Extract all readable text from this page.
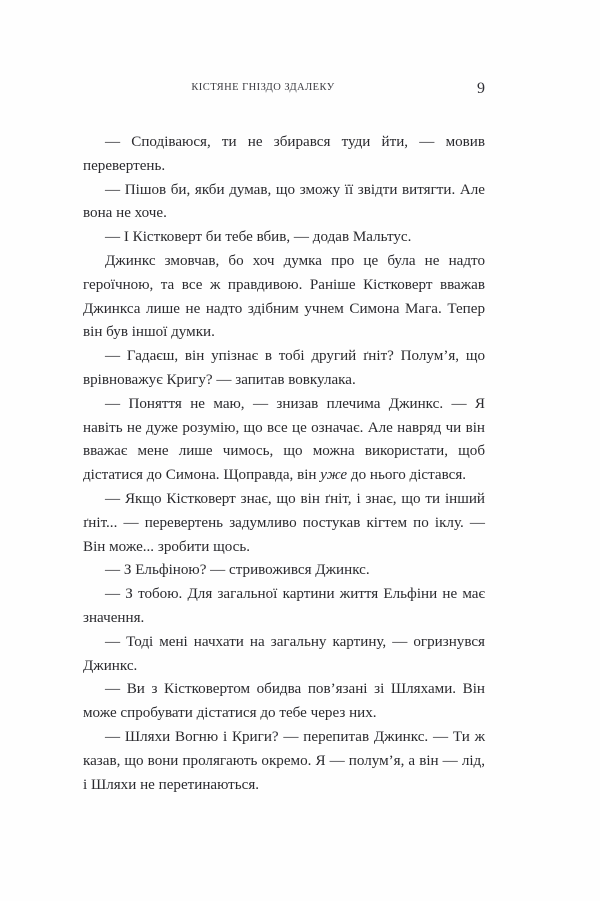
КІСТЯНЕ ГНІЗДО ЗДАЛЕКУ	9

— Сподіваюся, ти не збирався туди йти, — мовив перевертень.

— Пішов би, якби думав, що зможу її звідти витягти. Але вона не хоче.

— І Кістковерт би тебе вбив, — додав Мальтус.

Джинкс змовчав, бо хоч думка про це була не надто героїчною, та все ж правдивою. Раніше Кістковерт вважав Джинкса лише не надто здібним учнем Симона Мага. Тепер він був іншої думки.

— Гадаєш, він упізнає в тобі другий ґніт? Полум’я, що врівноважує Кригу? — запитав вовкулака.

— Поняття не маю, — знизав плечима Джинкс. — Я навіть не дуже розумію, що все це означає. Але навряд чи він вважає мене лише чимось, що можна використати, щоб дістатися до Симона. Щоправда, він уже до нього дістався.

— Якщо Кістковерт знає, що він ґніт, і знає, що ти інший ґніт... — перевертень задумливо постукав кігтем по іклу. — Він може... зробити щось.

— З Ельфіною? — стривожився Джинкс.

— З тобою. Для загальної картини життя Ельфіни не має значення.

— Тоді мені начхати на загальну картину, — огризнувся Джинкс.

— Ви з Кістковертом обидва пов’язані зі Шляхами. Він може спробувати дістатися до тебе через них.

— Шляхи Вогню і Криги? — перепитав Джинкс. — Ти ж казав, що вони пролягають окремо. Я — полум’я, а він — лід, і Шляхи не перетинаються.
